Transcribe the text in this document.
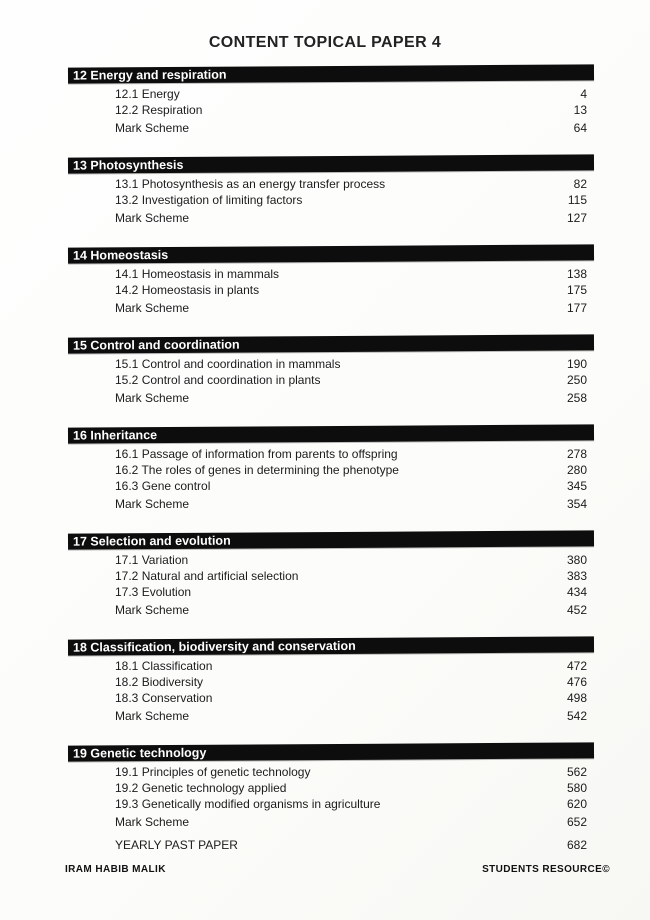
CONTENT TOPICAL PAPER 4
12 Energy and respiration
12.1 Energy	4
12.2 Respiration	13
Mark Scheme	64
13 Photosynthesis
13.1 Photosynthesis as an energy transfer process	82
13.2 Investigation of limiting factors	115
Mark Scheme	127
14 Homeostasis
14.1 Homeostasis in mammals	138
14.2 Homeostasis in plants	175
Mark Scheme	177
15 Control and coordination
15.1 Control and coordination in mammals	190
15.2 Control and coordination in plants	250
Mark Scheme	258
16 Inheritance
16.1 Passage of information from parents to offspring	278
16.2 The roles of genes in determining the phenotype	280
16.3 Gene control	345
Mark Scheme	354
17 Selection and evolution
17.1 Variation	380
17.2 Natural and artificial selection	383
17.3 Evolution	434
Mark Scheme	452
18 Classification, biodiversity and conservation
18.1 Classification	472
18.2 Biodiversity	476
18.3 Conservation	498
Mark Scheme	542
19 Genetic technology
19.1 Principles of genetic technology	562
19.2 Genetic technology applied	580
19.3 Genetically modified organisms in agriculture	620
Mark Scheme	652
YEARLY PAST PAPER	682
IRAM HABIB MALIK	STUDENTS RESOURCE©
